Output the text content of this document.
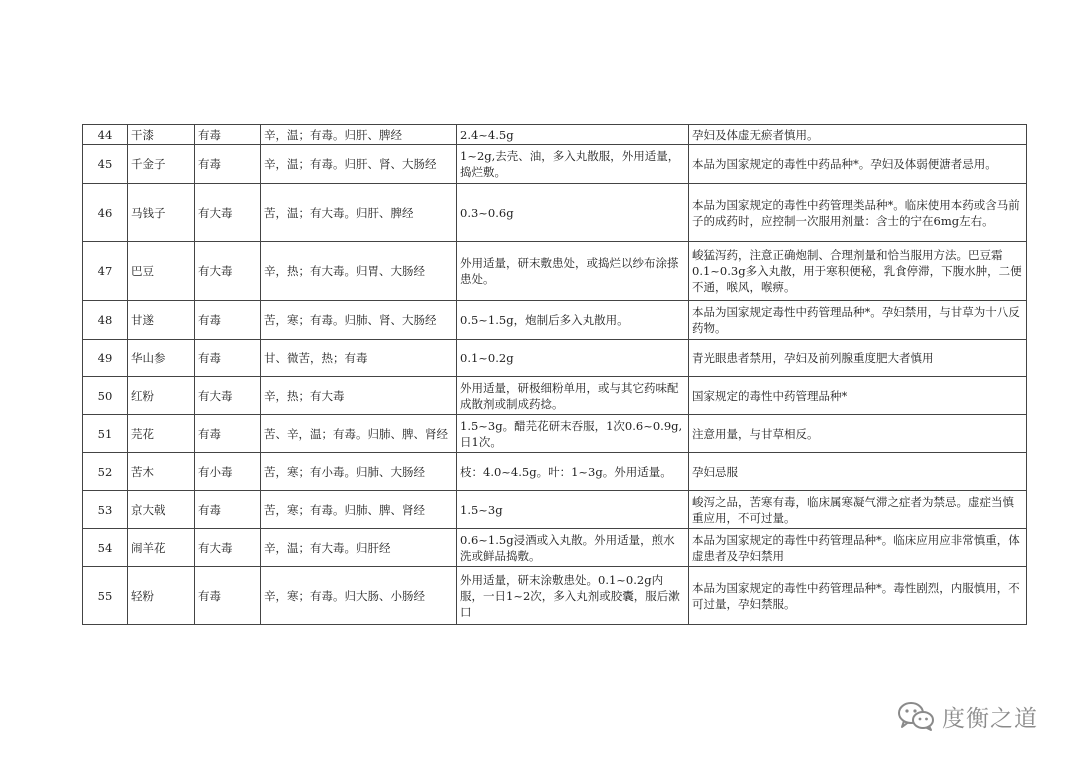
44	干漆	有毒	辛，温；有毒。归肝、脾经	2.4~4.5g	孕妇及体虚无瘀者慎用。
45	千金子	有毒	辛，温；有毒。归肝、肾、大肠经	1~2g,去壳、油，多入丸散服，外用适量，捣烂敷。	本品为国家规定的毒性中药品种*。孕妇及体弱便溏者忌用。
46	马钱子	有大毒	苦，温；有大毒。归肝、脾经	0.3~0.6g	本品为国家规定的毒性中药管理类品种*。临床使用本药或含马前子的成药时，应控制一次服用剂量：含士的宁在6mg左右。
47	巴豆	有大毒	辛，热；有大毒。归胃、大肠经	外用适量，研末敷患处，或捣烂以纱布涂搽患处。	峻猛泻药，注意正确炮制、合理剂量和恰当服用方法。巴豆霜0.1~0.3g多入丸散，用于寒积便秘，乳食停滞，下腹水肿，二便不通，喉风，喉痹。
48	甘遂	有毒	苦，寒；有毒。归肺、肾、大肠经	0.5~1.5g，炮制后多入丸散用。	本品为国家规定毒性中药管理品种*。孕妇禁用，与甘草为十八反药物。
49	华山参	有毒	甘、微苦，热；有毒	0.1~0.2g	青光眼患者禁用，孕妇及前列腺重度肥大者慎用
50	红粉	有大毒	辛，热；有大毒	外用适量，研极细粉单用，或与其它药味配成散剂或制成药捻。	国家规定的毒性中药管理品种*
51	芫花	有毒	苦、辛，温；有毒。归肺、脾、肾经	1.5~3g。醋芫花研末吞服，1次0.6~0.9g,日1次。	注意用量，与甘草相反。
52	苦木	有小毒	苦，寒；有小毒。归肺、大肠经	枝：4.0~4.5g。叶：1~3g。外用适量。	孕妇忌服
53	京大戟	有毒	苦，寒；有毒。归肺、脾、肾经	1.5~3g	峻泻之品，苦寒有毒，临床属寒凝气滞之症者为禁忌。虚症当慎重应用，不可过量。
54	闹羊花	有大毒	辛，温；有大毒。归肝经	0.6~1.5g浸酒或入丸散。外用适量，煎水洗或鲜品捣敷。	本品为国家规定的毒性中药管理品种*。临床应用应非常慎重，体虚患者及孕妇禁用
55	轻粉	有毒	辛，寒；有毒。归大肠、小肠经	外用适量，研末涂敷患处。0.1~0.2g内服，一日1~2次，多入丸剂或胶囊，服后漱口	本品为国家规定的毒性中药管理品种*。毒性剧烈，内服慎用，不可过量，孕妇禁服。
度衡之道
